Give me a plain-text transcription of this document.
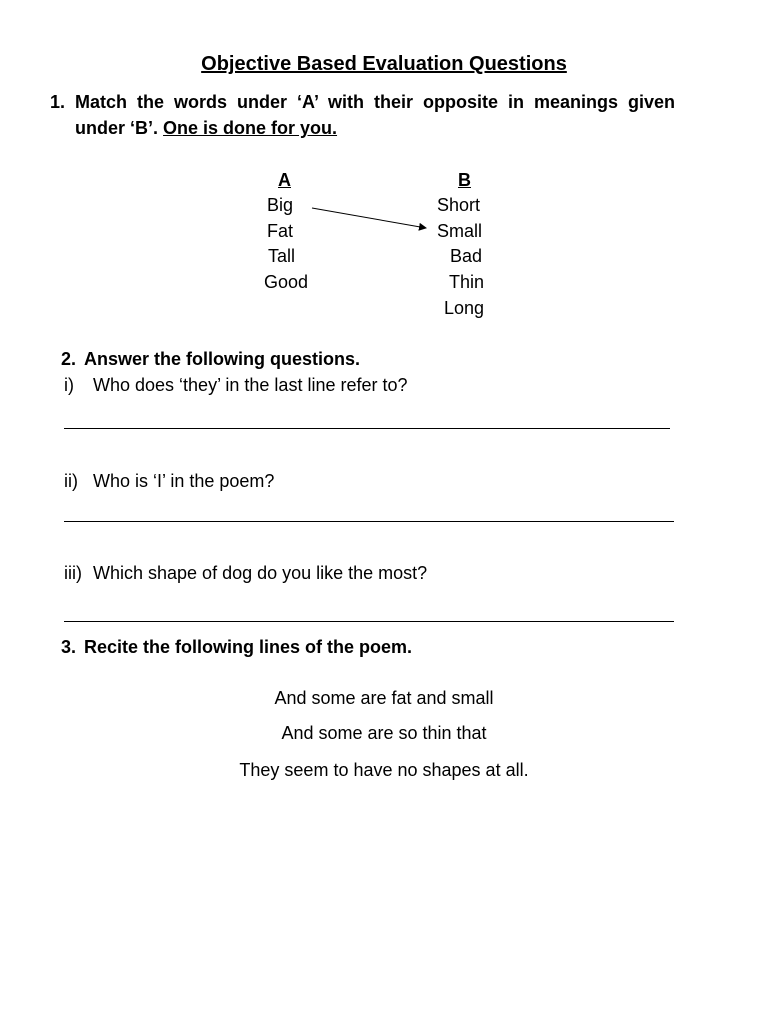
Objective Based Evaluation Questions
1. Match the words under ‘A’ with their opposite in meanings given
under ‘B’. One is done for you.
A	B
Big
Fat
Tall
Good
Short
Small
Bad
Thin
Long
2. Answer the following questions.
i) Who does ‘they’ in the last line refer to?
ii) Who is ‘I’ in the poem?
iii) Which shape of dog do you like the most?
3. Recite the following lines of the poem.
And some are fat and small
And some are so thin that
They seem to have no shapes at all.
